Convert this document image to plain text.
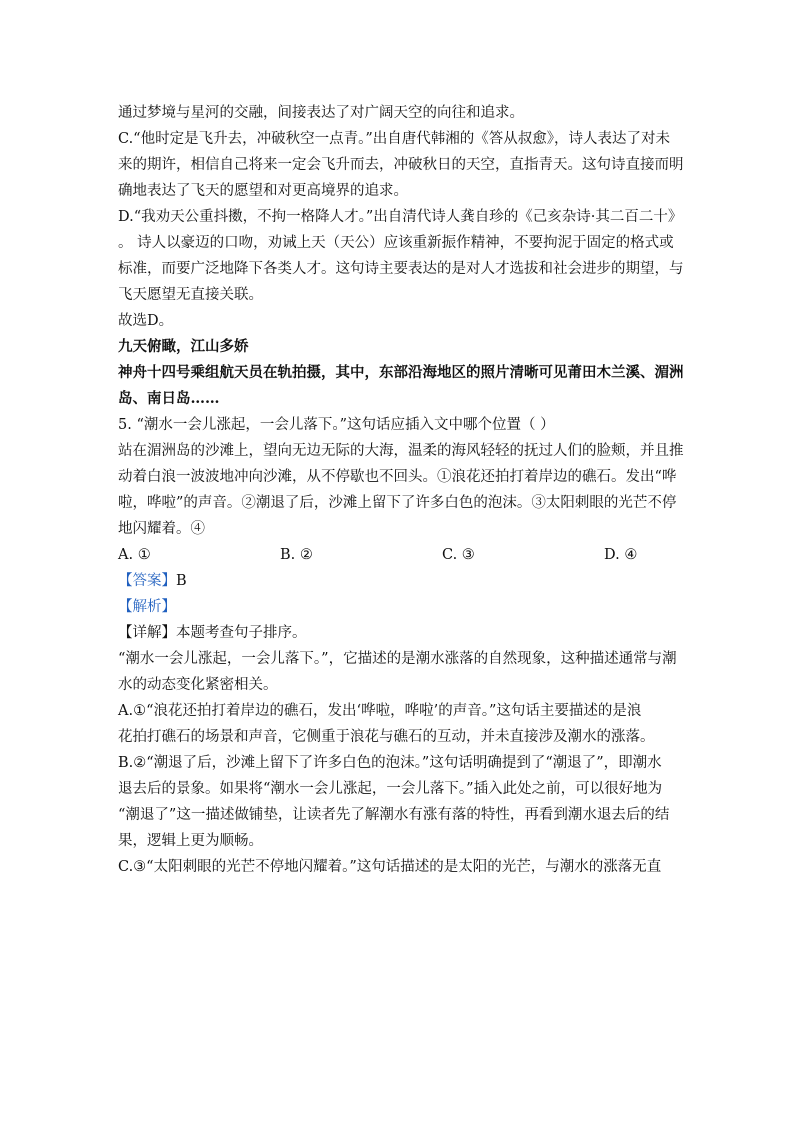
通过梦境与星河的交融，间接表达了对广阔天空的向往和追求。
C.“他时定是飞升去，冲破秋空一点青。”出自唐代韩湘的《答从叔愈》，诗人表达了对未
来的期许，相信自己将来一定会飞升而去，冲破秋日的天空，直指青天。这句诗直接而明
确地表达了飞天的愿望和对更高境界的追求。
D.“我劝天公重抖擞，不拘一格降人才。”出自清代诗人龚自珍的《己亥杂诗·其二百二十》
。 诗人以豪迈的口吻，劝诫上天（天公）应该重新振作精神，不要拘泥于固定的格式或
标准，而要广泛地降下各类人才。这句诗主要表达的是对人才选拔和社会进步的期望，与
飞天愿望无直接关联。
故选D。
九天俯瞰，江山多娇
神舟十四号乘组航天员在轨拍摄，其中，东部沿海地区的照片清晰可见莆田木兰溪、湄洲
岛、南日岛……
5. “潮水一会儿涨起，一会儿落下。”这句话应插入文中哪个位置（ ）
站在湄洲岛的沙滩上，望向无边无际的大海，温柔的海风轻轻的抚过人们的脸颊，并且推
动着白浪一波波地冲向沙滩，从不停歇也不回头。①浪花还拍打着岸边的礁石。发出“哗
啦，哗啦”的声音。②潮退了后，沙滩上留下了许多白色的泡沫。③太阳刺眼的光芒不停
地闪耀着。④
A. ①	B. ②	C. ③	D. ④
【答案】B
【解析】
【详解】本题考查句子排序。
“潮水一会儿涨起，一会儿落下。”，它描述的是潮水涨落的自然现象，这种描述通常与潮
水的动态变化紧密相关。
A.①“浪花还拍打着岸边的礁石，发出‘哗啦，哗啦’的声音。”这句话主要描述的是浪
花拍打礁石的场景和声音，它侧重于浪花与礁石的互动，并未直接涉及潮水的涨落。
B.②“潮退了后，沙滩上留下了许多白色的泡沫。”这句话明确提到了“潮退了”，即潮水
退去后的景象。如果将“潮水一会儿涨起，一会儿落下。”插入此处之前，可以很好地为
“潮退了”这一描述做铺垫，让读者先了解潮水有涨有落的特性，再看到潮水退去后的结
果，逻辑上更为顺畅。
C.③“太阳刺眼的光芒不停地闪耀着。”这句话描述的是太阳的光芒，与潮水的涨落无直
